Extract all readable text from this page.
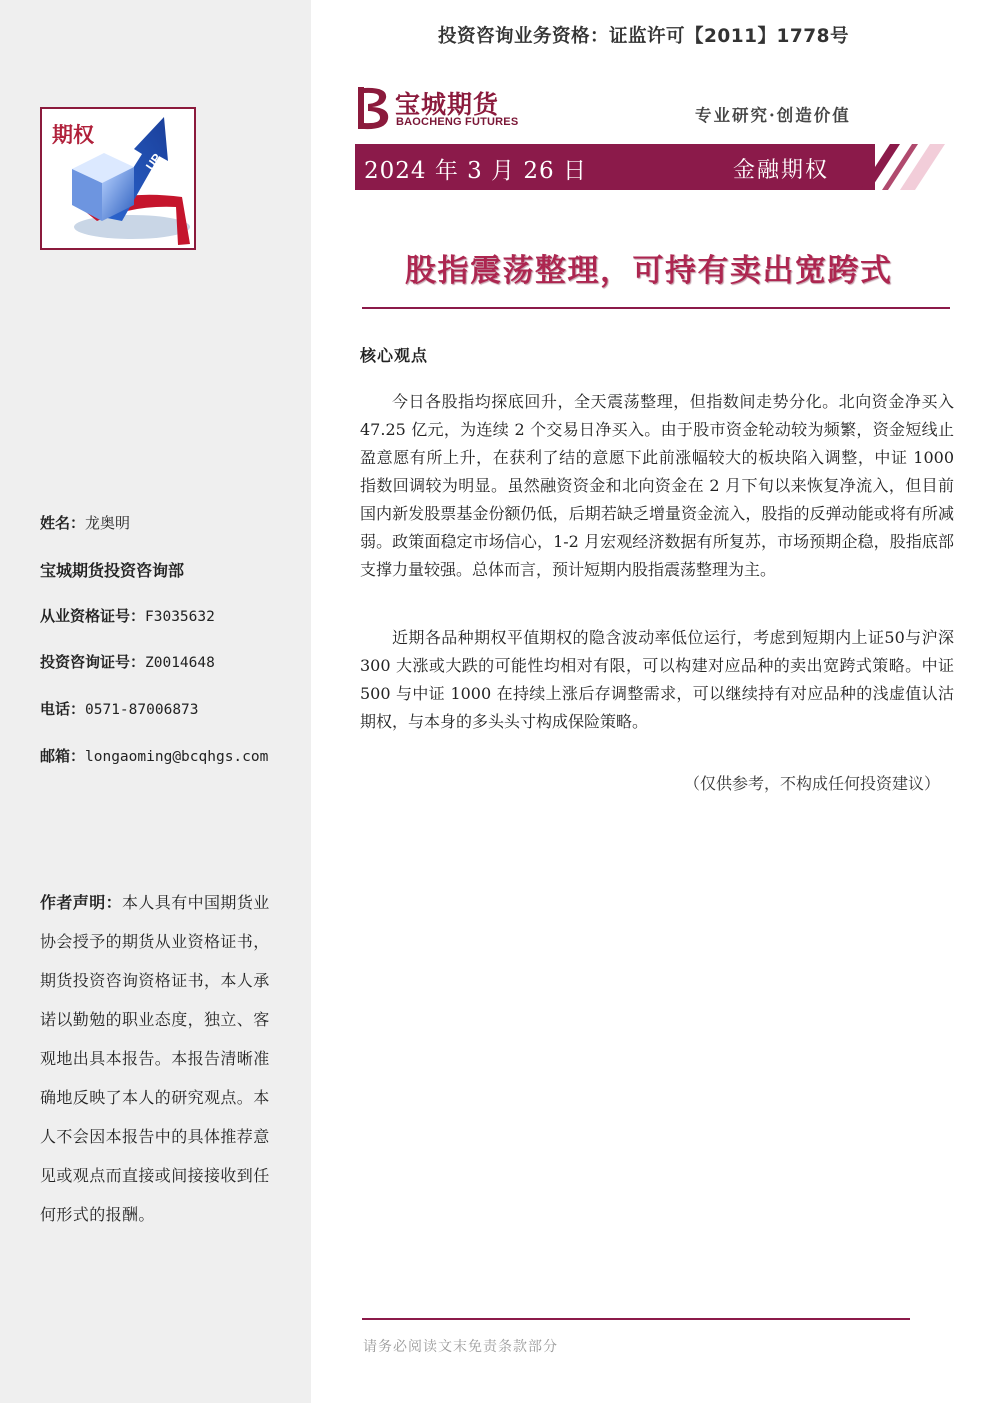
UP
期权
姓名：龙奥明
宝城期货投资咨询部
从业资格证号：F3035632
投资咨询证号：Z0014648
电话：0571-87006873
邮箱：longaoming@bcqhgs.com
作者声明：本人具有中国期货业协会授予的期货从业资格证书，期货投资咨询资格证书，本人承诺以勤勉的职业态度，独立、客观地出具本报告。本报告清晰准确地反映了本人的研究观点。本人不会因本报告中的具体推荐意见或观点而直接或间接接收到任何形式的报酬。
投资咨询业务资格：证监许可【2011】1778号
宝城期货
BAOCHENG FUTURES	专业研究·创造价值
2024 年 3 月 26 日	金融期权
股指震荡整理，可持有卖出宽跨式
核心观点
今日各股指均探底回升，全天震荡整理，但指数间走势分化。北向资金净买入 47.25 亿元，为连续 2 个交易日净买入。由于股市资金轮动较为频繁，资金短线止盈意愿有所上升，在获利了结的意愿下此前涨幅较大的板块陷入调整，中证 1000 指数回调较为明显。虽然融资资金和北向资金在 2 月下旬以来恢复净流入，但目前国内新发股票基金份额仍低，后期若缺乏增量资金流入，股指的反弹动能或将有所减弱。政策面稳定市场信心，1-2 月宏观经济数据有所复苏，市场预期企稳，股指底部支撑力量较强。总体而言，预计短期内股指震荡整理为主。
近期各品种期权平值期权的隐含波动率低位运行，考虑到短期内上证50与沪深 300 大涨或大跌的可能性均相对有限，可以构建对应品种的卖出宽跨式策略。中证 500 与中证 1000 在持续上涨后存调整需求，可以继续持有对应品种的浅虚值认沽期权，与本身的多头头寸构成保险策略。
（仅供参考，不构成任何投资建议）
请务必阅读文末免责条款部分
